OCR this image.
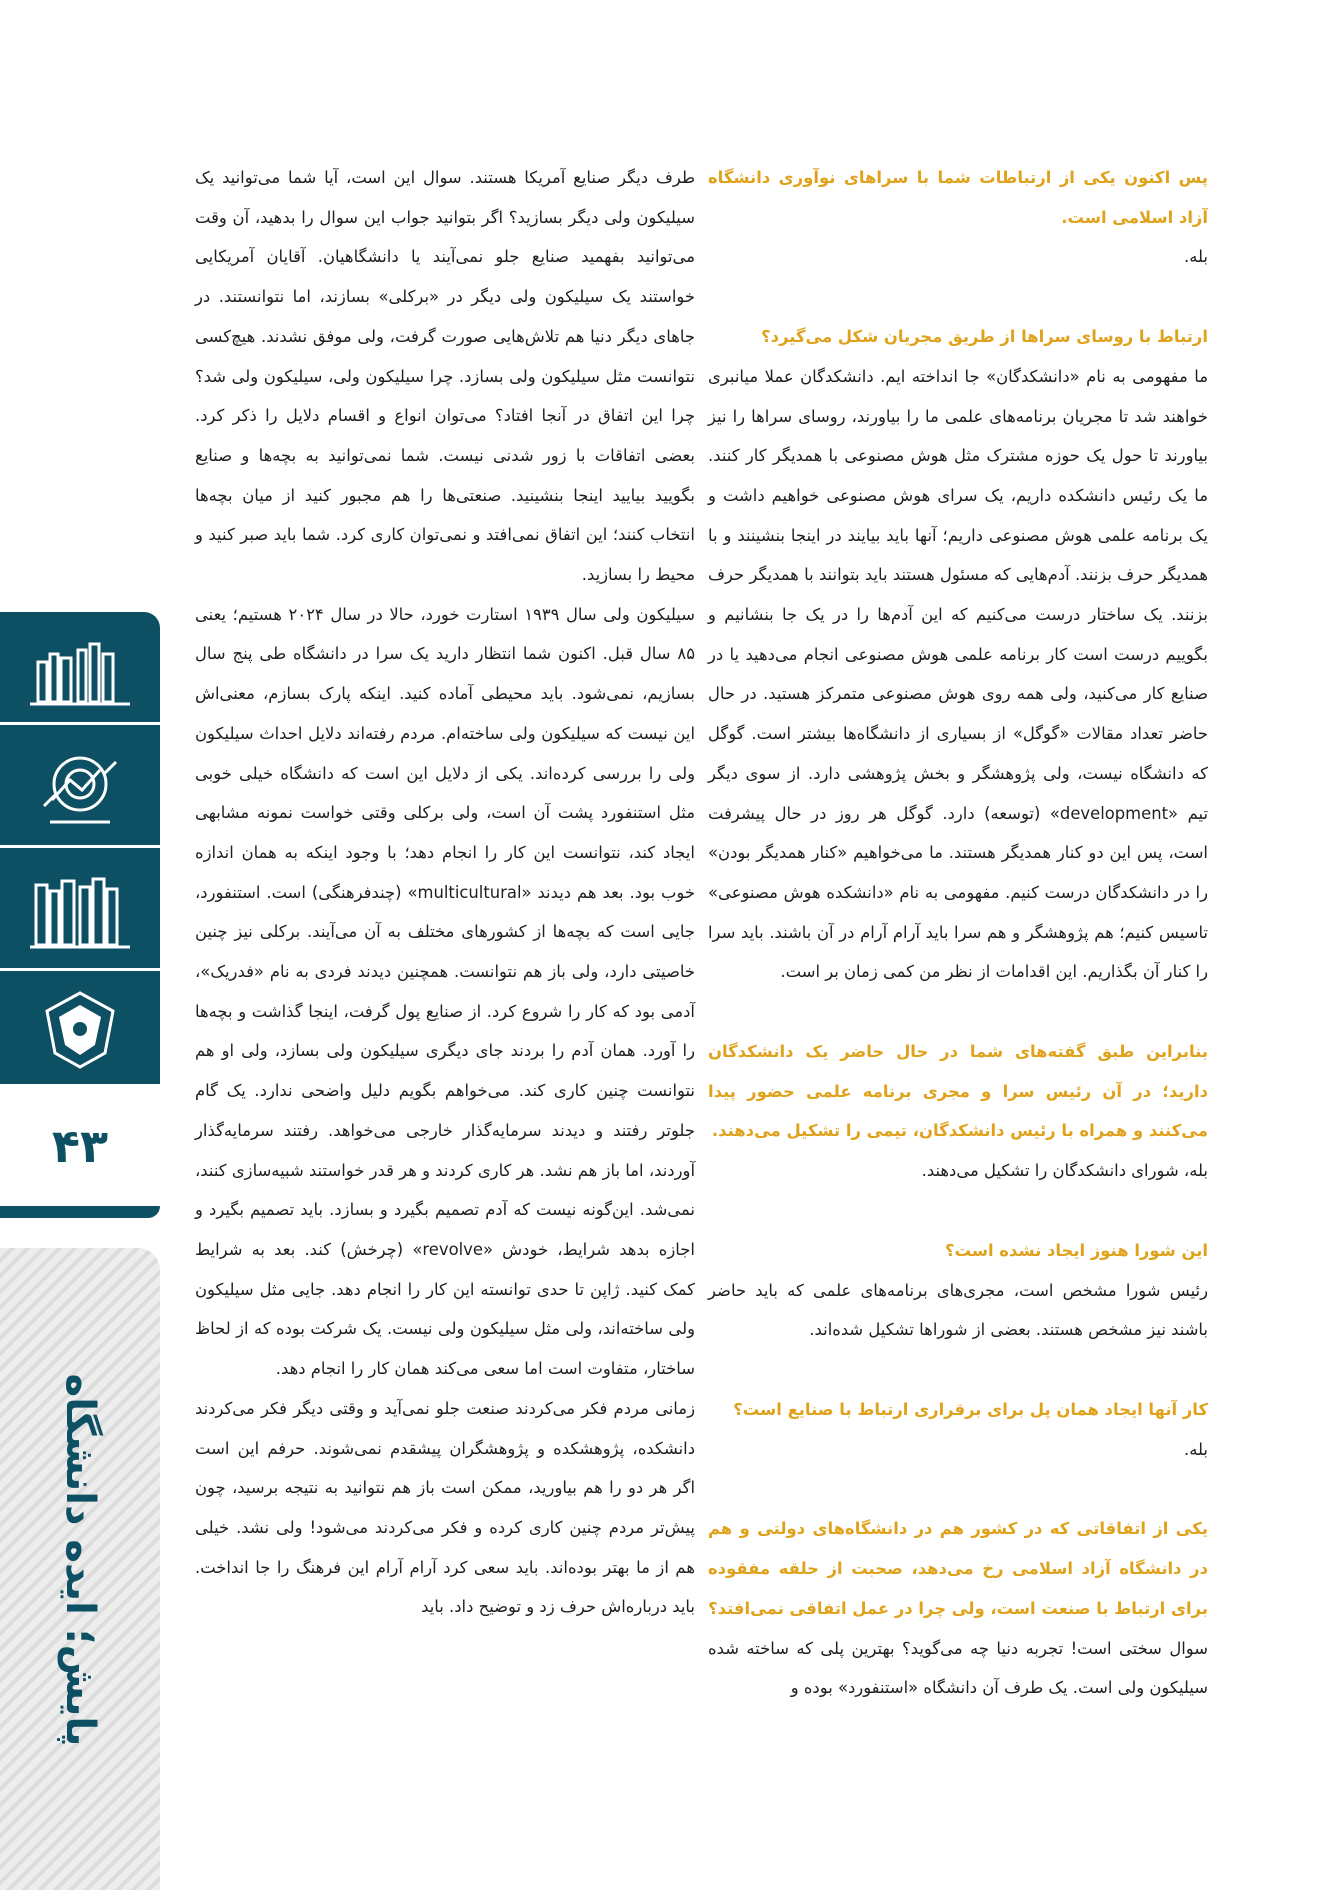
۴۳
پایش؛ ایده دانشگاه

پس اکنون یکی از ارتباطات شما با سراهای نوآوری دانشگاه آزاد اسلامی است.

بله.

ارتباط با روسای سراها از طریق مجریان شکل می‌گیرد؟

ما مفهومی به نام «دانشکدگان» جا انداخته ایم. دانشکدگان عملا میانبری خواهند شد تا مجریان برنامه‌های علمی ما را بیاورند، روسای سراها را نیز بیاورند تا حول یک حوزه مشترک مثل هوش مصنوعی با همدیگر کار کنند. ما یک رئیس دانشکده داریم، یک سرای هوش مصنوعی خواهیم داشت و یک برنامه علمی هوش مصنوعی داریم؛ آنها باید بیایند در اینجا بنشینند و با همدیگر حرف بزنند. آدم‌هایی که مسئول هستند باید بتوانند با همدیگر حرف بزنند. یک ساختار درست می‌کنیم که این آدم‌ها را در یک جا بنشانیم و بگوییم درست است کار برنامه علمی هوش مصنوعی انجام می‌دهید یا در صنایع کار می‌کنید، ولی همه روی هوش مصنوعی متمرکز هستید. در حال حاضر تعداد مقالات «گوگل» از بسیاری از دانشگاه‌ها بیشتر است. گوگل که دانشگاه نیست، ولی پژوهشگر و بخش پژوهشی دارد. از سوی دیگر تیم «development» (توسعه) دارد. گوگل هر روز در حال پیشرفت است، پس این دو کنار همدیگر هستند. ما می‌خواهیم «کنار همدیگر بودن» را در دانشکدگان درست کنیم. مفهومی به نام «دانشکده هوش مصنوعی» تاسیس کنیم؛ هم پژوهشگر و هم سرا باید آرام آرام در آن باشند. باید سرا را کنار آن بگذاریم. این اقدامات از نظر من کمی زمان بر است.

بنابراین طبق گفته‌های شما در حال حاضر یک دانشکدگان دارید؛ در آن رئیس سرا و مجری برنامه علمی حضور پیدا می‌کنند و همراه با رئیس دانشکدگان، تیمی را تشکیل می‌دهند.

بله، شورای دانشکدگان را تشکیل می‌دهند.

این شورا هنوز ایجاد نشده است؟

رئیس شورا مشخص است، مجری‌های برنامه‌های علمی که باید حاضر باشند نیز مشخص هستند. بعضی از شوراها تشکیل شده‌اند.

کار آنها ایجاد همان پل برای برقراری ارتباط با صنایع است؟

بله.

یکی از اتفاقاتی که در کشور هم در دانشگاه‌های دولتی و هم در دانشگاه آزاد اسلامی رخ می‌دهد، صحبت از حلقه مفقوده برای ارتباط با صنعت است، ولی چرا در عمل اتفاقی نمی‌افتد؟

سوال سختی است! تجربه دنیا چه می‌گوید؟ بهترین پلی که ساخته شده سیلیکون ولی است. یک طرف آن دانشگاه «استنفورد» بوده و

طرف دیگر صنایع آمریکا هستند. سوال این است، آیا شما می‌توانید یک سیلیکون ولی دیگر بسازید؟ اگر بتوانید جواب این سوال را بدهید، آن وقت می‌توانید بفهمید صنایع جلو نمی‌آیند یا دانشگاهیان. آقایان آمریکایی خواستند یک سیلیکون ولی دیگر در «برکلی» بسازند، اما نتوانستند. در جاهای دیگر دنیا هم تلاش‌هایی صورت گرفت، ولی موفق نشدند. هیچ‌کسی نتوانست مثل سیلیکون ولی بسازد. چرا سیلیکون ولی، سیلیکون ولی شد؟ چرا این اتفاق در آنجا افتاد؟ می‌توان انواع و اقسام دلایل را ذکر کرد. بعضی اتفاقات با زور شدنی نیست. شما نمی‌توانید به بچه‌ها و صنایع بگویید بیایید اینجا بنشینید. صنعتی‌ها را هم مجبور کنید از میان بچه‌ها انتخاب کنند؛ این اتفاق نمی‌افتد و نمی‌توان کاری کرد. شما باید صبر کنید و محیط را بسازید.

سیلیکون ولی سال ۱۹۳۹ استارت خورد، حالا در سال ۲۰۲۴ هستیم؛ یعنی ۸۵ سال قبل. اکنون شما انتظار دارید یک سرا در دانشگاه طی پنج سال بسازیم، نمی‌شود. باید محیطی آماده کنید. اینکه پارک بسازم، معنی‌اش این نیست که سیلیکون ولی ساخته‌ام. مردم رفته‌اند دلایل احداث سیلیکون ولی را بررسی کرده‌اند. یکی از دلایل این است که دانشگاه خیلی خوبی مثل استنفورد پشت آن است، ولی برکلی وقتی خواست نمونه مشابهی ایجاد کند، نتوانست این کار را انجام دهد؛ با وجود اینکه به همان اندازه خوب بود. بعد هم دیدند «multicultural» (چندفرهنگی) است. استنفورد، جایی است که بچه‌ها از کشورهای مختلف به آن می‌آیند. برکلی نیز چنین خاصیتی دارد، ولی باز هم نتوانست. همچنین دیدند فردی به نام «فدریک»، آدمی بود که کار را شروع کرد. از صنایع پول گرفت، اینجا گذاشت و بچه‌ها را آورد. همان آدم را بردند جای دیگری سیلیکون ولی بسازد، ولی او هم نتوانست چنین کاری کند. می‌خواهم بگویم دلیل واضحی ندارد. یک گام جلوتر رفتند و دیدند سرمایه‌گذار خارجی می‌خواهد. رفتند سرمایه‌گذار آوردند، اما باز هم نشد. هر کاری کردند و هر قدر خواستند شبیه‌سازی کنند، نمی‌شد. این‌گونه نیست که آدم تصمیم بگیرد و بسازد. باید تصمیم بگیرد و اجازه بدهد شرایط، خودش «revolve» (چرخش) کند. بعد به شرایط کمک کنید. ژاپن تا حدی توانسته این کار را انجام دهد. جایی مثل سیلیکون ولی ساخته‌اند، ولی مثل سیلیکون ولی نیست. یک شرکت بوده که از لحاظ ساختار، متفاوت است اما سعی می‌کند همان کار را انجام دهد.

زمانی مردم فکر می‌کردند صنعت جلو نمی‌آید و وقتی دیگر فکر می‌کردند دانشکده، پژوهشکده و پژوهشگران پیشقدم نمی‌شوند. حرفم این است اگر هر دو را هم بیاورید، ممکن است باز هم نتوانید به نتیجه برسید، چون پیش‌تر مردم چنین کاری کرده و فکر می‌کردند می‌شود! ولی نشد. خیلی هم از ما بهتر بوده‌اند. باید سعی کرد آرام آرام این فرهنگ را جا انداخت. باید درباره‌اش حرف زد و توضیح داد. باید
